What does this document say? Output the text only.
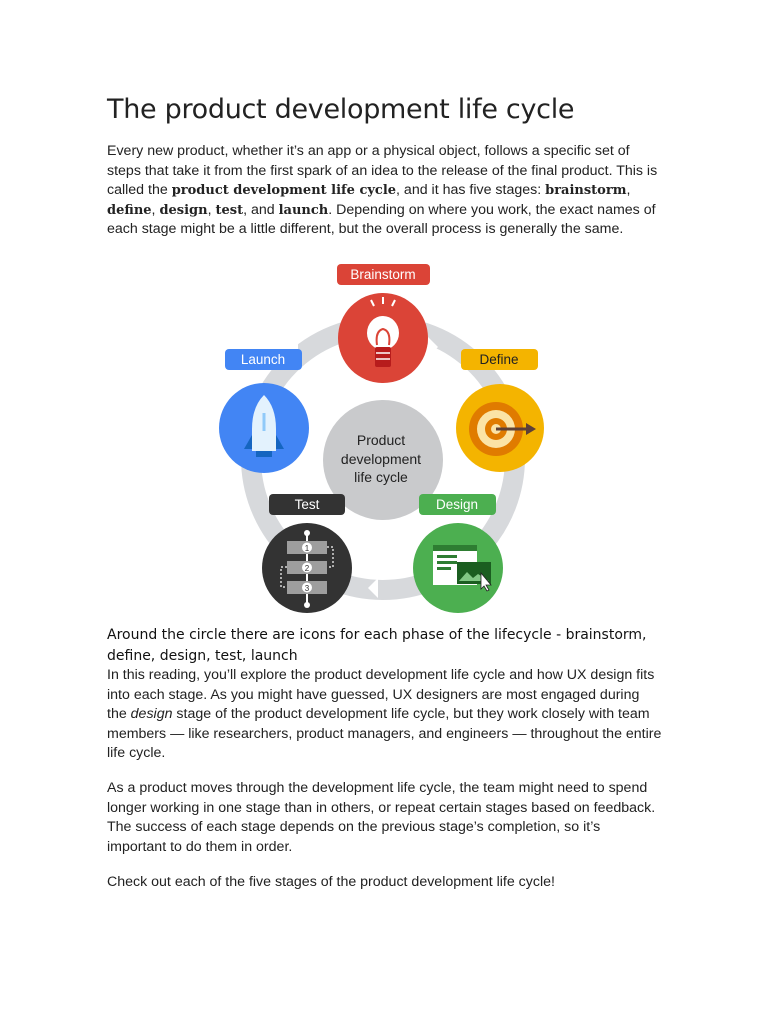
The product development life cycle

Every new product, whether it’s an app or a physical object, follows a specific set of steps that take it from the first spark of an idea to the release of the final product. This is called the product development life cycle, and it has five stages: brainstorm, define, design, test, and launch. Depending on where you work, the exact names of each stage might be a little different, but the overall process is generally the same.

Around the circle there are icons for each phase of the lifecycle - brainstorm, define, design, test, launch

In this reading, you’ll explore the product development life cycle and how UX design fits into each stage. As you might have guessed, UX designers are most engaged during the design stage of the product development life cycle, but they work closely with team members — like researchers, product managers, and engineers — throughout the entire life cycle.

As a product moves through the development life cycle, the team might need to spend longer working in one stage than in others, or repeat certain stages based on feedback. The success of each stage depends on the previous stage’s completion, so it’s important to do them in order.

Check out each of the five stages of the product development life cycle!

Product
development
life cycle
Brainstorm
Define
Design
Test
1
2
3
Launch
